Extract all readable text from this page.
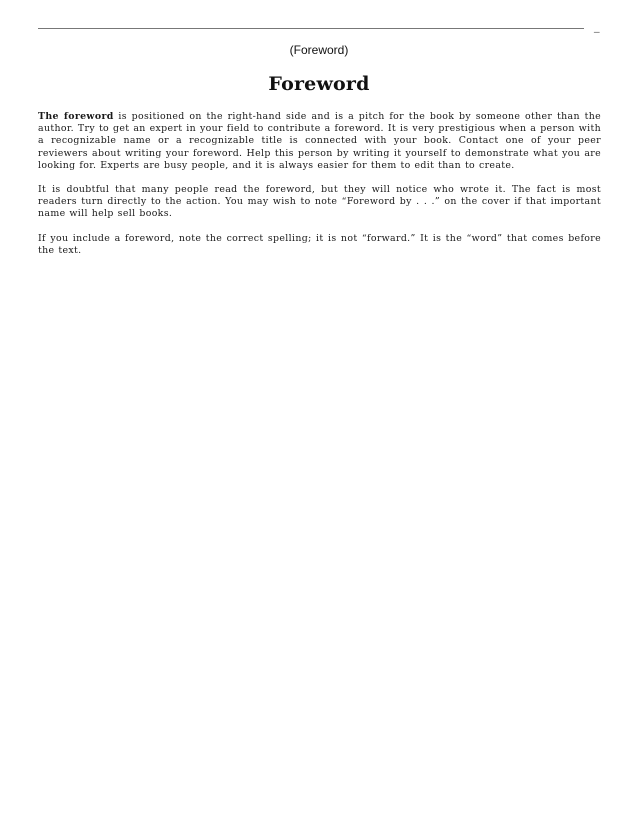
_
(Foreword)
Foreword

The foreword is positioned on the right-hand side and is a pitch for the book by someone other than the author. Try to get an expert in your field to contribute a foreword. It is very prestigious when a person with a recognizable name or a recognizable title is connected with your book. Contact one of your peer reviewers about writing your foreword. Help this person by writing it yourself to demonstrate what you are looking for. Experts are busy people, and it is always easier for them to edit than to create.

It is doubtful that many people read the foreword, but they will notice who wrote it. The fact is most readers turn directly to the action. You may wish to note “Foreword by . . .” on the cover if that important name will help sell books.

If you include a foreword, note the correct spelling; it is not “forward.” It is the “word” that comes before the text.
